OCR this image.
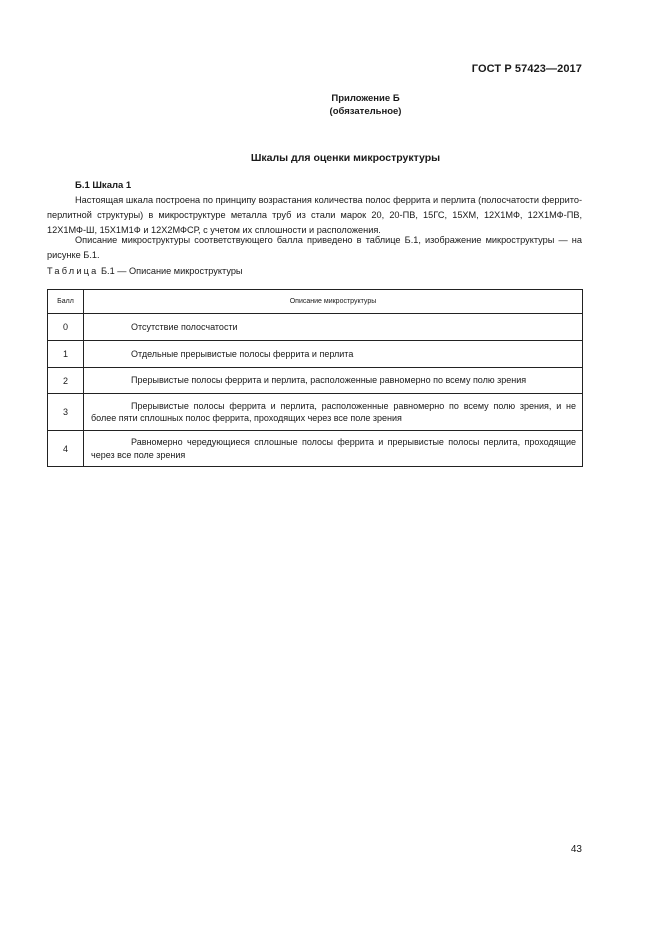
ГОСТ Р 57423—2017
Приложение Б
(обязательное)
Шкалы для оценки микроструктуры
Б.1 Шкала 1
Настоящая шкала построена по принципу возрастания количества полос феррита и перлита (полосчатости феррито-перлитной структуры) в микроструктуре металла труб из стали марок 20, 20-ПВ, 15ГС, 15ХМ, 12Х1МФ, 12Х1МФ-ПВ, 12Х1МФ-Ш, 15Х1М1Ф и 12Х2МФСР, с учетом их сплошности и расположения.
Описание микроструктуры соответствующего балла приведено в таблице Б.1, изображение микроструктуры — на рисунке Б.1.
Таблица Б.1 — Описание микроструктуры
Балл	Описание микроструктуры
0	Отсутствие полосчатости
1	Отдельные прерывистые полосы феррита и перлита
2	Прерывистые полосы феррита и перлита, расположенные равномерно по всему полю зрения
3	Прерывистые полосы феррита и перлита, расположенные равномерно по всему полю зрения, и не более пяти сплошных полос феррита, проходящих через все поле зрения
4	Равномерно чередующиеся сплошные полосы феррита и прерывистые полосы перлита, проходящие через все поле зрения
43
